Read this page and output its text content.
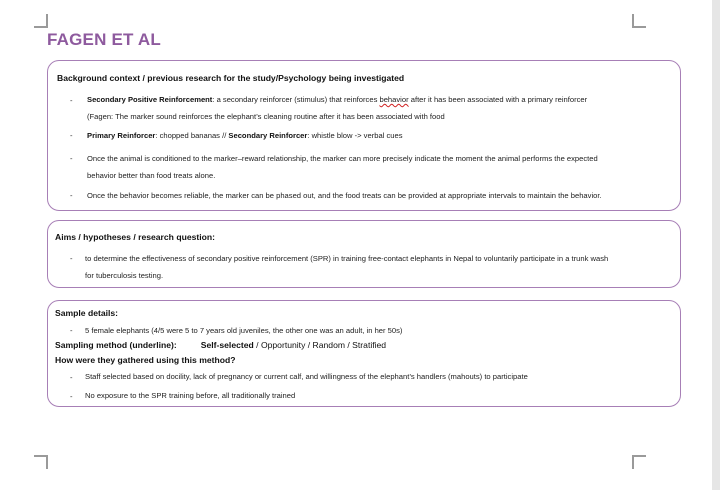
FAGEN ET AL
Background context / previous research for the study/Psychology being investigated
- Secondary Positive Reinforcement: a secondary reinforcer (stimulus) that reinforces behavior after it has been associated with a primary reinforcer
(Fagen: The marker sound reinforces the elephant’s cleaning routine after it has been associated with food
- Primary Reinforcer: chopped bananas // Secondary Reinforcer: whistle blow -> verbal cues
- Once the animal is conditioned to the marker–reward relationship, the marker can more precisely indicate the moment the animal performs the expected
behavior better than food treats alone.
- Once the behavior becomes reliable, the marker can be phased out, and the food treats can be provided at appropriate intervals to maintain the behavior.
Aims / hypotheses / research question:
- to determine the effectiveness of secondary positive reinforcement (SPR) in training free-contact elephants in Nepal to voluntarily participate in a trunk wash
for tuberculosis testing.
Sample details:
- 5 female elephants (4/5 were 5 to 7 years old juveniles, the other one was an adult, in her 50s)
Sampling method (underline):	Self-selected / Opportunity / Random / Stratified
How were they gathered using this method?
- Staff selected based on docility, lack of pregnancy or current calf, and willingness of the elephant’s handlers (mahouts) to participate
- No exposure to the SPR training before, all traditionally trained
